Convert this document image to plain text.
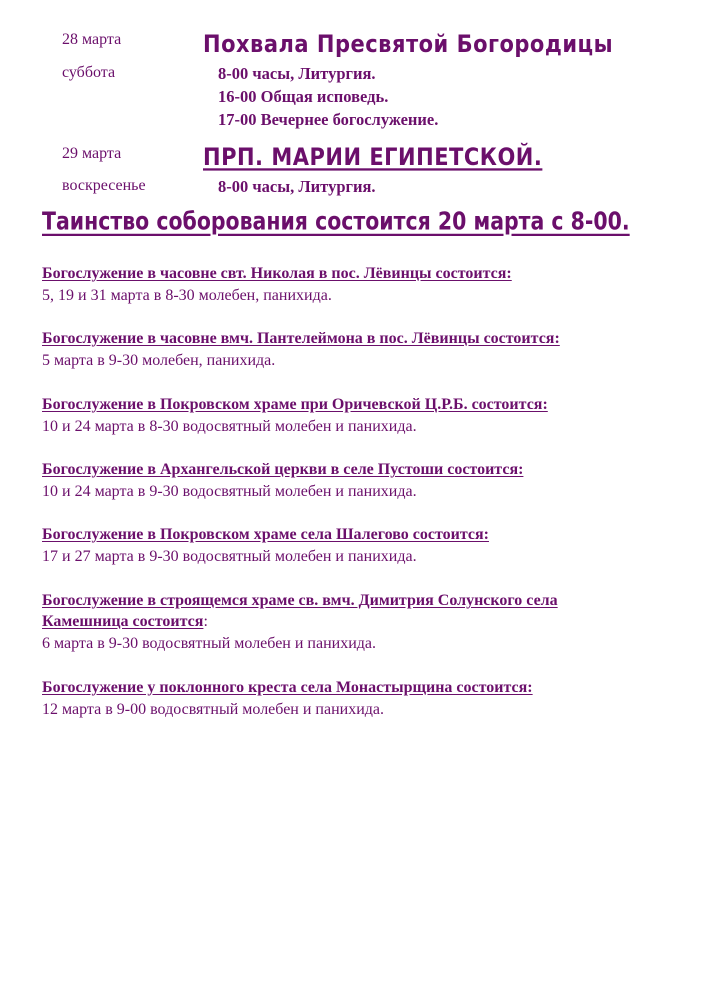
28 марта
суббота
Похвала Пресвятой Богородицы
8-00 часы, Литургия.
16-00 Общая исповедь.
17-00 Вечернее богослужение.
29 марта
воскресенье
ПРП. МАРИИ ЕГИПЕТСКОЙ.
8-00 часы, Литургия.
Таинство соборования состоится 20 марта с 8-00.
Богослужение в часовне свт. Николая в пос. Лёвинцы состоится:
5, 19 и 31 марта в 8-30 молебен, панихида.
Богослужение в часовне вмч. Пантелеймона в пос. Лёвинцы состоится:
5 марта в 9-30 молебен, панихида.
Богослужение в Покровском храме при Оричевской Ц.Р.Б. состоится:
10 и 24 марта в 8-30 водосвятный молебен и панихида.
Богослужение в Архангельской церкви в селе Пустоши состоится:
10 и 24 марта в 9-30 водосвятный молебен и панихида.
Богослужение в Покровском храме села Шалегово состоится:
17 и 27 марта в 9-30 водосвятный молебен и панихида.
Богослужение в строящемся храме св. вмч. Димитрия Солунского села
Камешница состоится:
6 марта в 9-30 водосвятный молебен и панихида.
Богослужение у поклонного креста села Монастырщина состоится:
12 марта в 9-00 водосвятный молебен и панихида.
